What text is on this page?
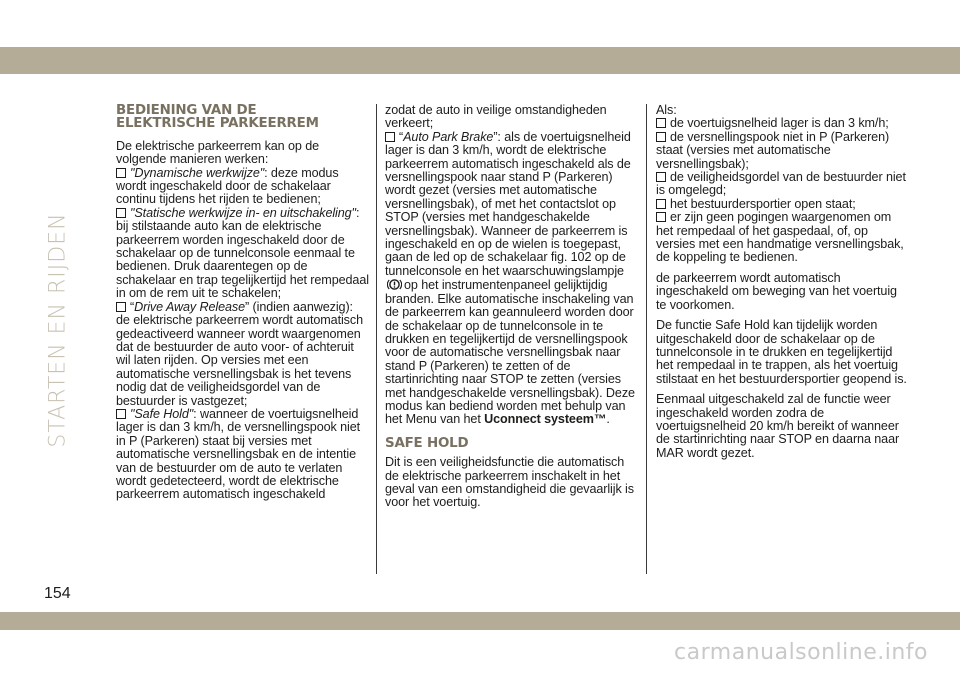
STARTEN EN RIJDEN
BEDIENING VAN DE
ELEKTRISCHE PARKEERREM

De elektrische parkeerrem kan op de volgende manieren werken:

"Dynamische werkwijze": deze modus wordt ingeschakeld door de schakelaar continu tijdens het rijden te bedienen;

"Statische werkwijze in- en uitschakeling": bij stilstaande auto kan de elektrische parkeerrem worden ingeschakeld door de schakelaar op de tunnelconsole eenmaal te bedienen. Druk daarentegen op de schakelaar en trap tegelijkertijd het rempedaal in om de rem uit te schakelen;

“Drive Away Release” (indien aanwezig): de elektrische parkeerrem wordt automatisch gedeactiveerd wanneer wordt waargenomen dat de bestuurder de auto voor- of achteruit wil laten rijden. Op versies met een automatische versnellingsbak is het tevens nodig dat de veiligheidsgordel van de bestuurder is vastgezet;

"Safe Hold": wanneer de voertuigsnelheid lager is dan 3 km/h, de versnellingspook niet in P (Parkeren) staat bij versies met automatische versnellingsbak en de intentie van de bestuurder om de auto te verlaten wordt gedetecteerd, wordt de elektrische parkeerrem automatisch ingeschakeld

zodat de auto in veilige omstandigheden verkeert;

“Auto Park Brake”: als de voertuigsnelheid lager is dan 3 km/h, wordt de elektrische parkeerrem automatisch ingeschakeld als de versnellingspook naar stand P (Parkeren) wordt gezet (versies met automatische versnellingsbak), of met het contactslot op STOP (versies met handgeschakelde versnellingsbak). Wanneer de parkeerrem is ingeschakeld en op de wielen is toegepast, gaan de led op de schakelaar fig. 102 op de tunnelconsole en het waarschuwingslampjeop het instrumentenpaneel gelijktijdig branden. Elke automatische inschakeling van de parkeerrem kan geannuleerd worden door de schakelaar op de tunnelconsole in te drukken en tegelijkertijd de versnellingspook voor de automatische versnellingsbak naar stand P (Parkeren) te zetten of de startinrichting naar STOP te zetten (versies met handgeschakelde versnellingsbak). Deze modus kan bediend worden met behulp van het Menu van het Uconnect systeem™.

SAFE HOLD

Dit is een veiligheidsfunctie die automatisch de elektrische parkeerrem inschakelt in het geval van een omstandigheid die gevaarlijk is voor het voertuig.

Als:

de voertuigsnelheid lager is dan 3 km/h;

de versnellingspook niet in P (Parkeren) staat (versies met automatische versnellingsbak);

de veiligheidsgordel van de bestuurder niet is omgelegd;

het bestuurdersportier open staat;

er zijn geen pogingen waargenomen om het rempedaal of het gaspedaal, of, op versies met een handmatige versnellingsbak, de koppeling te bedienen.

de parkeerrem wordt automatisch ingeschakeld om beweging van het voertuig te voorkomen.

De functie Safe Hold kan tijdelijk worden uitgeschakeld door de schakelaar op de tunnelconsole in te drukken en tegelijkertijd het rempedaal in te trappen, als het voertuig stilstaat en het bestuurdersportier geopend is.

Eenmaal uitgeschakeld zal de functie weer ingeschakeld worden zodra de voertuigsnelheid 20 km/h bereikt of wanneer de startinrichting naar STOP en daarna naar MAR wordt gezet.

154
carmanualsonline.info
